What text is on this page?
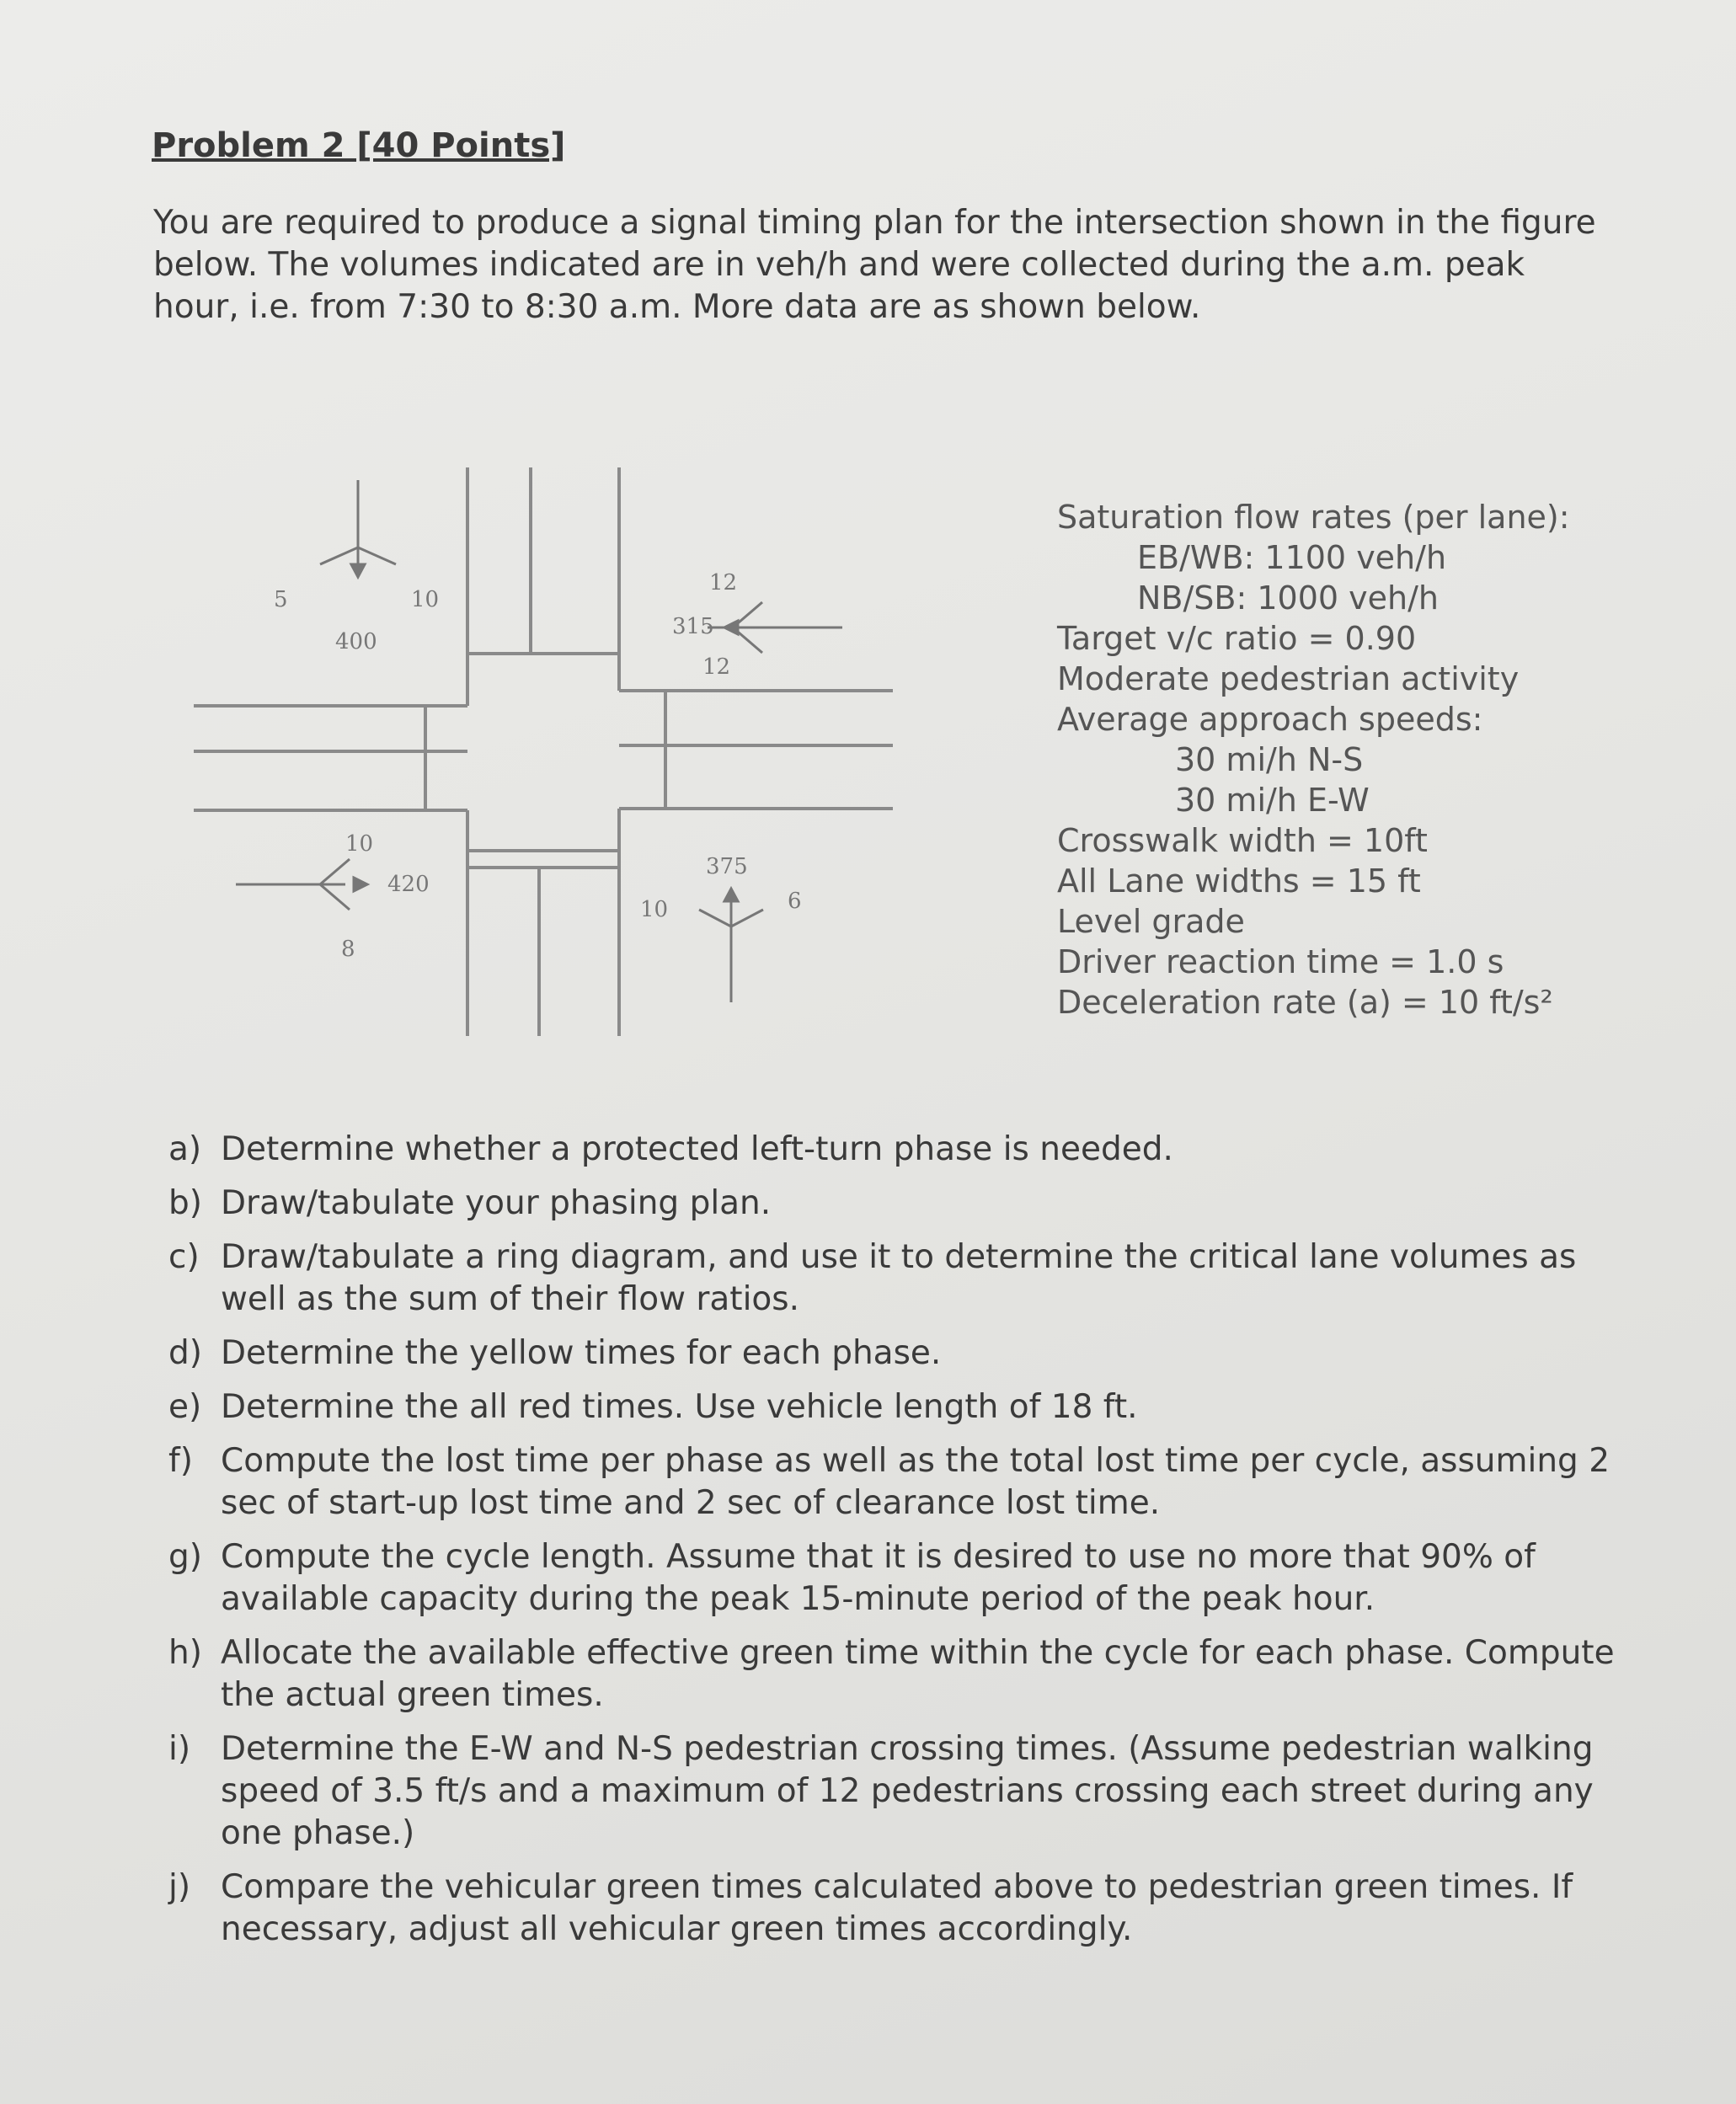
Problem 2 [40 Points]
You are required to produce a signal timing plan for the intersection shown in the figure below. The volumes indicated are in veh/h and were collected during the a.m. peak hour, i.e. from 7:30 to 8:30 a.m. More data are as shown below.
5
400
10
12
315
12
10
420
8
10
375
6
Saturation flow rates (per lane):
EB/WB: 1100 veh/h
NB/SB: 1000 veh/h
Target v/c ratio = 0.90
Moderate pedestrian activity
Average approach speeds:
30 mi/h N-S
30 mi/h E-W
Crosswalk width = 10ft
All Lane widths = 15 ft
Level grade
Driver reaction time = 1.0 s
Deceleration rate (a) = 10 ft/s²
a) Determine whether a protected left-turn phase is needed.
b) Draw/tabulate your phasing plan.
c) Draw/tabulate a ring diagram, and use it to determine the critical lane volumes as well as the sum of their flow ratios.
d) Determine the yellow times for each phase.
e) Determine the all red times. Use vehicle length of 18 ft.
f) Compute the lost time per phase as well as the total lost time per cycle, assuming 2 sec of start-up lost time and 2 sec of clearance lost time.
g) Compute the cycle length. Assume that it is desired to use no more that 90% of available capacity during the peak 15-minute period of the peak hour.
h) Allocate the available effective green time within the cycle for each phase. Compute the actual green times.
i) Determine the E-W and N-S pedestrian crossing times. (Assume pedestrian walking speed of 3.5 ft/s and a maximum of 12 pedestrians crossing each street during any one phase.)
j) Compare the vehicular green times calculated above to pedestrian green times. If necessary, adjust all vehicular green times accordingly.
